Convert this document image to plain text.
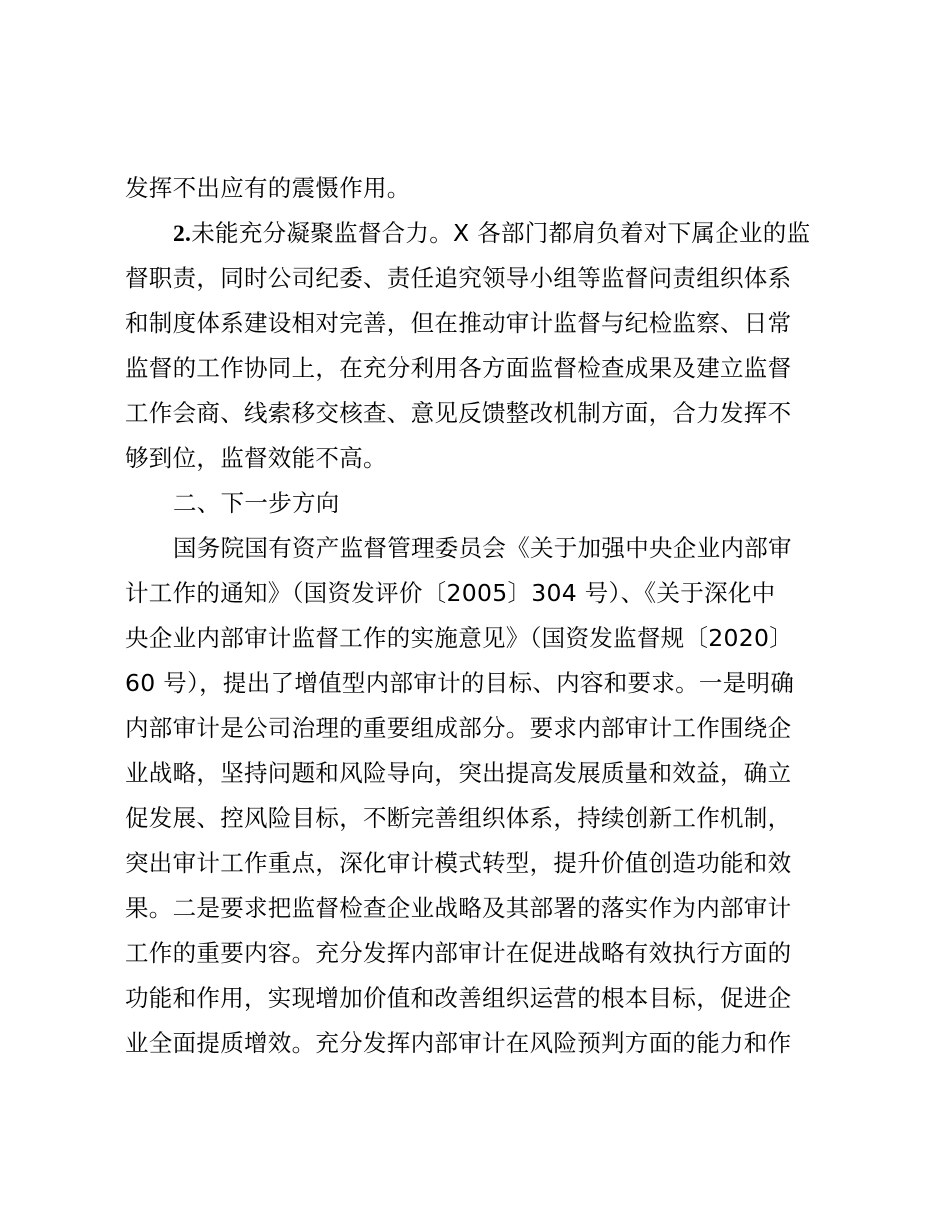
发挥不出应有的震慑作用。
2.未能充分凝聚监督合力。X 各部门都肩负着对下属企业的监
督职责，同时公司纪委、责任追究领导小组等监督问责组织体系
和制度体系建设相对完善，但在推动审计监督与纪检监察、日常
监督的工作协同上，在充分利用各方面监督检查成果及建立监督
工作会商、线索移交核查、意见反馈整改机制方面，合力发挥不
够到位，监督效能不高。
二、下一步方向
国务院国有资产监督管理委员会《关于加强中央企业内部审
计工作的通知》（国资发评价〔2005〕304 号）、《关于深化中
央企业内部审计监督工作的实施意见》（国资发监督规〔2020〕
60 号），提出了增值型内部审计的目标、内容和要求。一是明确
内部审计是公司治理的重要组成部分。要求内部审计工作围绕企
业战略，坚持问题和风险导向，突出提高发展质量和效益，确立
促发展、控风险目标，不断完善组织体系，持续创新工作机制，
突出审计工作重点，深化审计模式转型，提升价值创造功能和效
果。二是要求把监督检查企业战略及其部署的落实作为内部审计
工作的重要内容。充分发挥内部审计在促进战略有效执行方面的
功能和作用，实现增加价值和改善组织运营的根本目标，促进企
业全面提质增效。充分发挥内部审计在风险预判方面的能力和作
